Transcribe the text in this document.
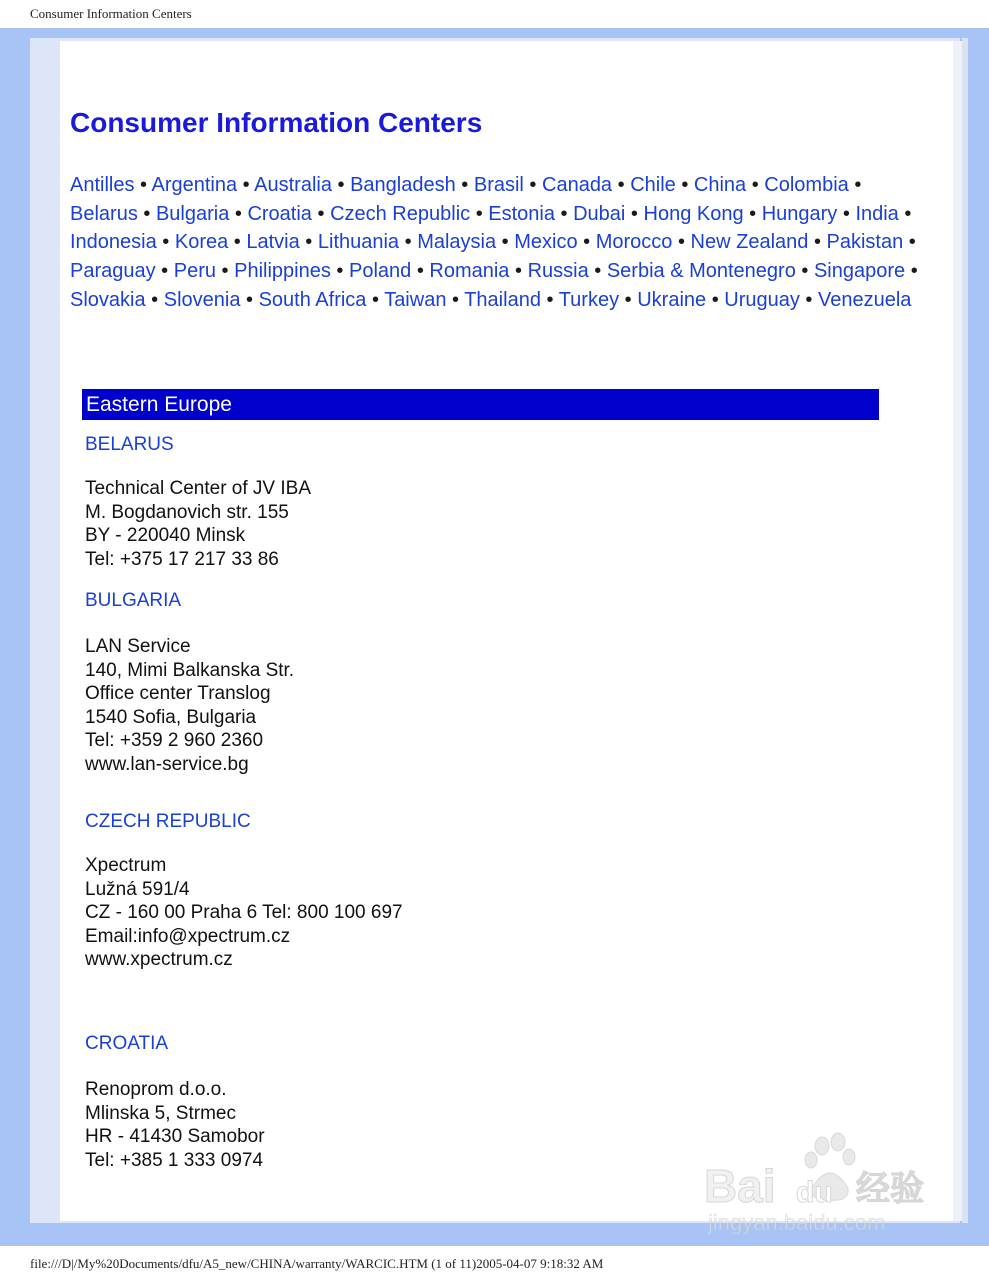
Consumer Information Centers
Consumer Information Centers
Antilles • Argentina • Australia • Bangladesh • Brasil • Canada • Chile • China • Colombia • Belarus • Bulgaria • Croatia • Czech Republic • Estonia • Dubai • Hong Kong • Hungary • India • Indonesia • Korea • Latvia • Lithuania • Malaysia • Mexico • Morocco • New Zealand • Pakistan • Paraguay • Peru • Philippines • Poland • Romania • Russia • Serbia & Montenegro • Singapore • Slovakia • Slovenia • South Africa • Taiwan • Thailand • Turkey • Ukraine • Uruguay • Venezuela
Eastern Europe
BELARUS
Technical Center of JV IBA
M. Bogdanovich str. 155
BY - 220040 Minsk
Tel: +375 17 217 33 86
BULGARIA
LAN Service
140, Mimi Balkanska Str.
Office center Translog
1540 Sofia, Bulgaria
Tel: +359 2 960 2360
www.lan-service.bg
CZECH REPUBLIC
Xpectrum
Lužná 591/4
CZ - 160 00 Praha 6 Tel: 800 100 697
Email:info@xpectrum.cz
www.xpectrum.cz
CROATIA
Renoprom d.o.o.
Mlinska 5, Strmec
HR - 41430 Samobor
Tel: +385 1 333 0974	Bai du 经验
jingyan.baidu.com
file:///D|/My%20Documents/dfu/A5_new/CHINA/warranty/WARCIC.HTM (1 of 11)2005-04-07 9:18:32 AM
